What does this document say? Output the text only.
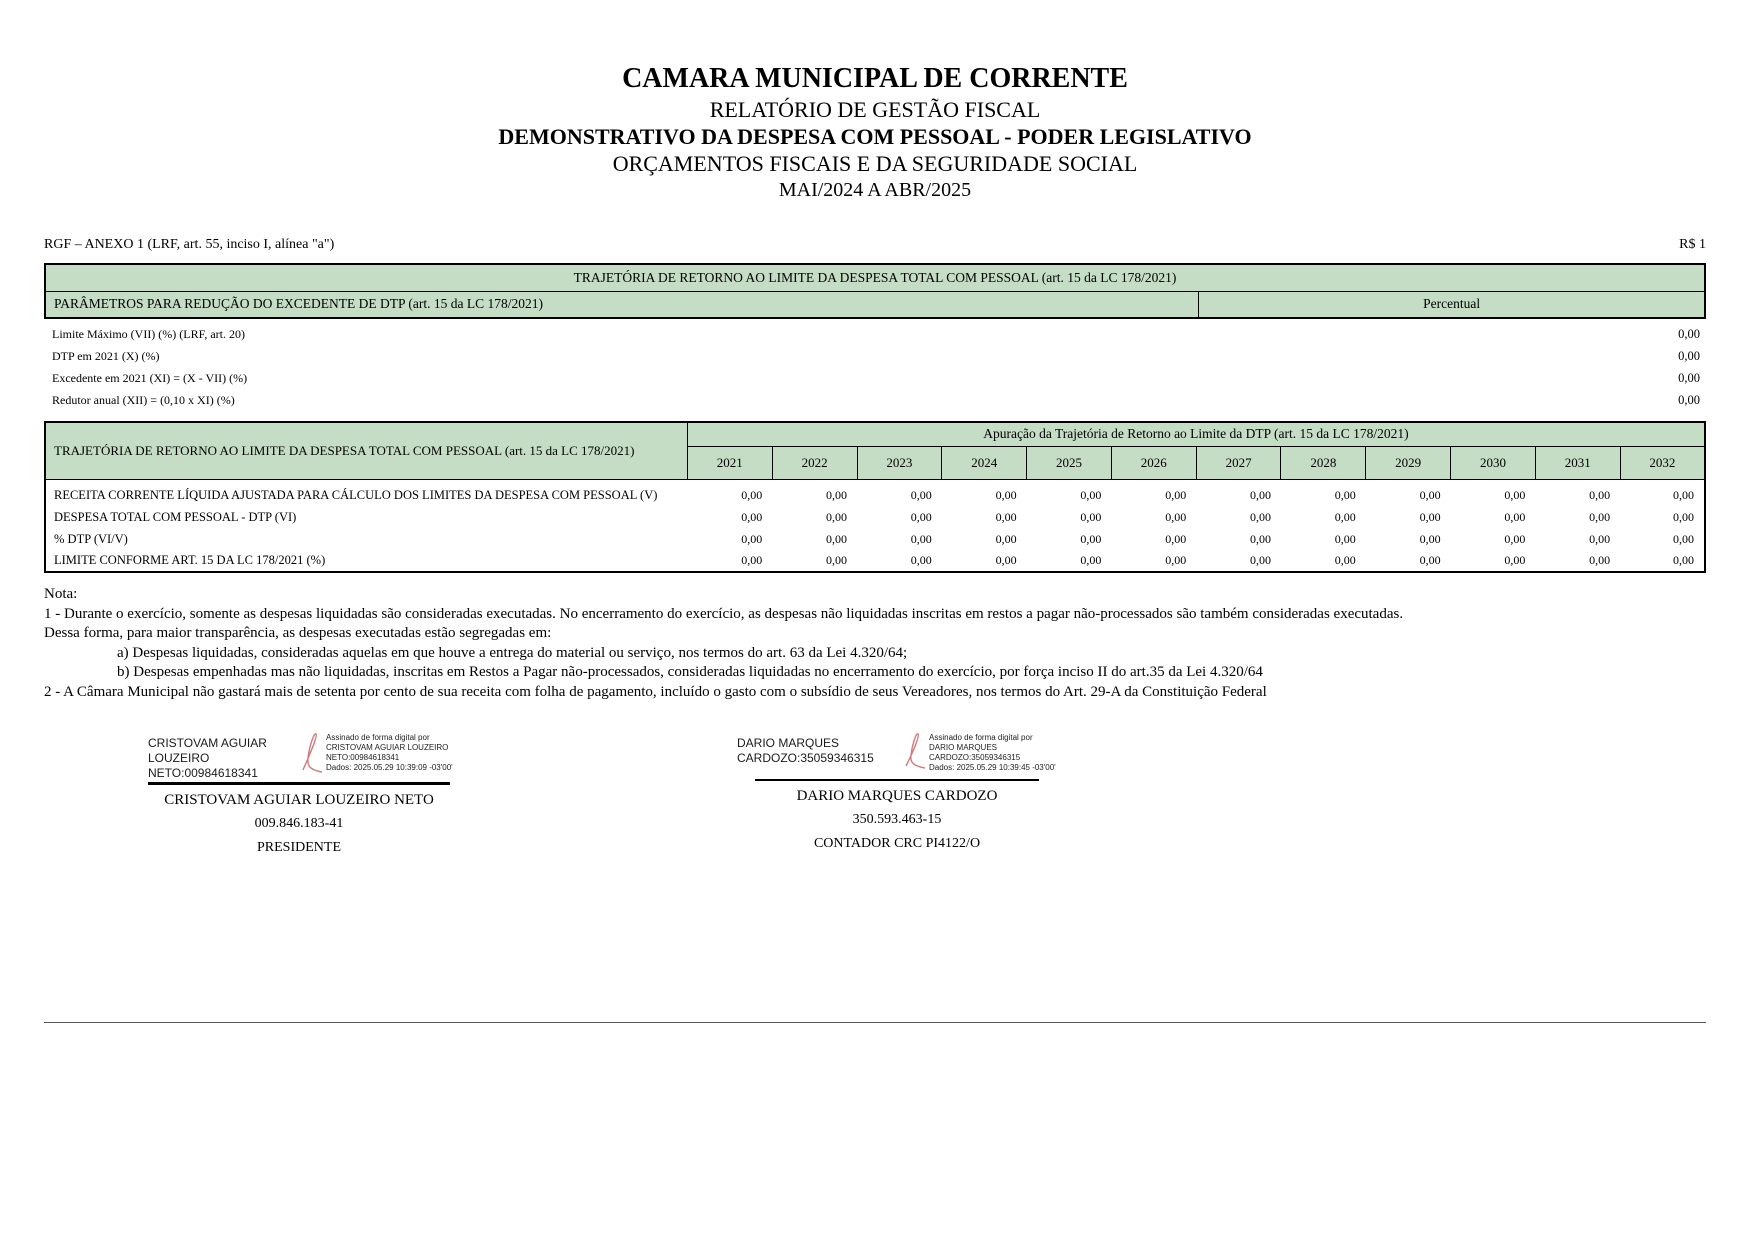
CAMARA MUNICIPAL DE CORRENTE
RELATÓRIO DE GESTÃO FISCAL
DEMONSTRATIVO DA DESPESA COM PESSOAL - PODER LEGISLATIVO
ORÇAMENTOS FISCAIS E DA SEGURIDADE SOCIAL
MAI/2024 A ABR/2025
RGF – ANEXO 1 (LRF, art. 55, inciso I, alínea "a")	R$ 1
TRAJETÓRIA DE RETORNO AO LIMITE DA DESPESA TOTAL COM PESSOAL (art. 15 da LC 178/2021)
PARÂMETROS PARA REDUÇÃO DO EXCEDENTE DE DTP (art. 15 da LC 178/2021)	Percentual
Limite Máximo (VII) (%) (LRF, art. 20)	0,00
DTP em 2021 (X) (%)	0,00
Excedente em 2021 (XI) = (X - VII) (%)	0,00
Redutor anual (XII) = (0,10 x XI) (%)	0,00
TRAJETÓRIA DE RETORNO AO LIMITE DA DESPESA TOTAL COM PESSOAL (art. 15 da LC 178/2021)	Apuração da Trajetória de Retorno ao Limite da DTP (art. 15 da LC 178/2021)											
	2021	2022	2023	2024	2025	2026	2027	2028	2029	2030	2031	2032
RECEITA CORRENTE LÍQUIDA AJUSTADA PARA CÁLCULO DOS LIMITES DA DESPESA COM PESSOAL (V)	0,00	0,00	0,00	0,00	0,00	0,00	0,00	0,00	0,00	0,00	0,00	0,00
DESPESA TOTAL COM PESSOAL - DTP (VI)	0,00	0,00	0,00	0,00	0,00	0,00	0,00	0,00	0,00	0,00	0,00	0,00
% DTP (VI/V)	0,00	0,00	0,00	0,00	0,00	0,00	0,00	0,00	0,00	0,00	0,00	0,00
LIMITE CONFORME ART. 15 DA LC 178/2021 (%)	0,00	0,00	0,00	0,00	0,00	0,00	0,00	0,00	0,00	0,00	0,00	0,00
Nota:
1 - Durante o exercício, somente as despesas liquidadas são consideradas executadas. No encerramento do exercício, as despesas não liquidadas inscritas em restos a pagar não-processados são também consideradas executadas.
Dessa forma, para maior transparência, as despesas executadas estão segregadas em:
a) Despesas liquidadas, consideradas aquelas em que houve a entrega do material ou serviço, nos termos do art. 63 da Lei 4.320/64;
b) Despesas empenhadas mas não liquidadas, inscritas em Restos a Pagar não-processados, consideradas liquidadas no encerramento do exercício, por força inciso II do art.35 da Lei 4.320/64
2 - A Câmara Municipal não gastará mais de setenta por cento de sua receita com folha de pagamento, incluído o gasto com o subsídio de seus Vereadores, nos termos do Art. 29-A da Constituição Federal
CRISTOVAM AGUIAR LOUZEIRO NETO:00984618341
Assinado de forma digital por CRISTOVAM AGUIAR LOUZEIRO NETO:00984618341
Dados: 2025.05.29 10:39:09 -03'00'
CRISTOVAM AGUIAR LOUZEIRO NETO
009.846.183-41
PRESIDENTE
DARIO MARQUES CARDOZO:35059346315
Assinado de forma digital por DARIO MARQUES CARDOZO:35059346315
Dados: 2025.05.29 10:39:45 -03'00'
DARIO MARQUES CARDOZO
350.593.463-15
CONTADOR CRC PI4122/O
